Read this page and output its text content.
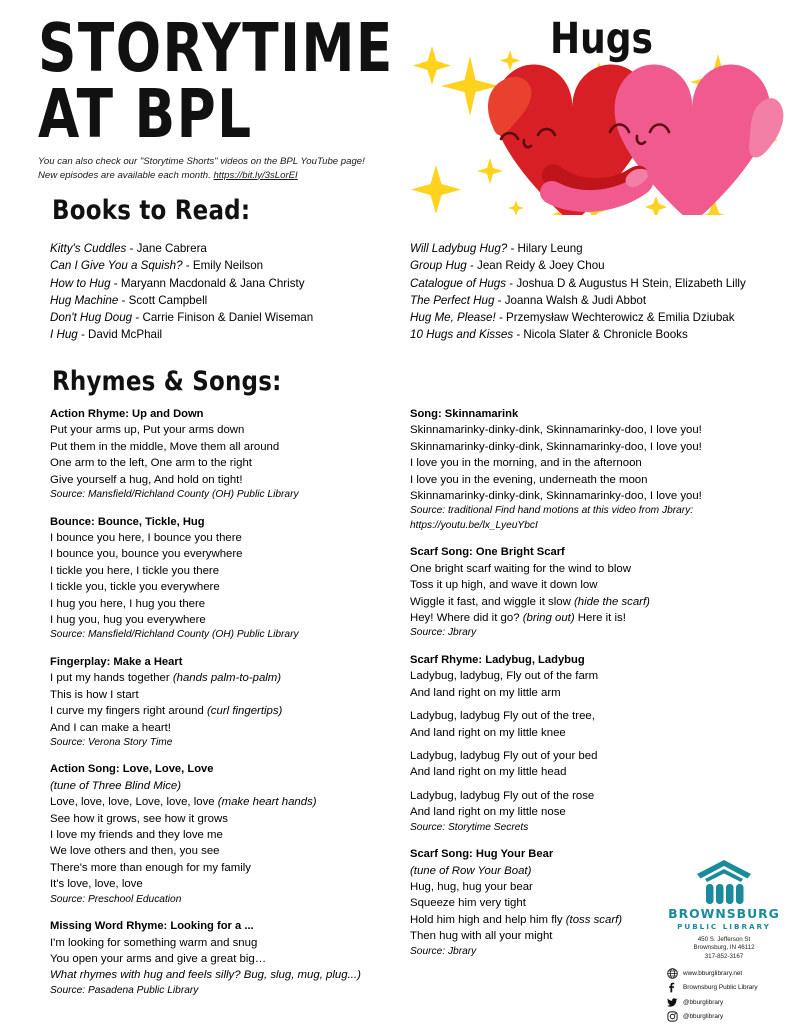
STORYTIME
AT BPL
You can also check our "Storytime Shorts" videos on the BPL YouTube page! New episodes are available each month. https://bit.ly/3sLorEI
Hugs
Books to Read:
Kitty's Cuddles - Jane Cabrera
Can I Give You a Squish? - Emily Neilson
How to Hug - Maryann Macdonald & Jana Christy
Hug Machine - Scott Campbell
Don't Hug Doug - Carrie Finison & Daniel Wiseman
I Hug - David McPhail
Will Ladybug Hug? - Hilary Leung
Group Hug - Jean Reidy & Joey Chou
Catalogue of Hugs - Joshua D & Augustus H Stein, Elizabeth Lilly
The Perfect Hug - Joanna Walsh & Judi Abbot
Hug Me, Please! - Przemysław Wechterowicz & Emilia Dziubak
10 Hugs and Kisses - Nicola Slater & Chronicle Books
Rhymes & Songs:
Action Rhyme: Up and Down
Put your arms up, Put your arms down
Put them in the middle, Move them all around
One arm to the left, One arm to the right
Give yourself a hug, And hold on tight!
Source: Mansfield/Richland County (OH) Public Library
Bounce: Bounce, Tickle, Hug
I bounce you here, I bounce you there
I bounce you, bounce you everywhere
I tickle you here, I tickle you there
I tickle you, tickle you everywhere
I hug you here, I hug you there
I hug you, hug you everywhere
Source: Mansfield/Richland County (OH) Public Library
Fingerplay: Make a Heart
I put my hands together (hands palm-to-palm)
This is how I start
I curve my fingers right around (curl fingertips)
And I can make a heart!
Source: Verona Story Time
Action Song: Love, Love, Love
(tune of Three Blind Mice)
Love, love, love, Love, love, love (make heart hands)
See how it grows, see how it grows
I love my friends and they love me
We love others and then, you see
There's more than enough for my family
It's love, love, love
Source: Preschool Education
Missing Word Rhyme: Looking for a ...
I'm looking for something warm and snug
You open your arms and give a great big…
What rhymes with hug and feels silly? Bug, slug, mug, plug...)
Source: Pasadena Public Library
Song: Skinnamarink
Skinnamarinky-dinky-dink, Skinnamarinky-doo, I love you!
Skinnamarinky-dinky-dink, Skinnamarinky-doo, I love you!
I love you in the morning, and in the afternoon
I love you in the evening, underneath the moon
Skinnamarinky-dinky-dink, Skinnamarinky-doo, I love you!
Source: traditional Find hand motions at this video from Jbrary:
https://youtu.be/lx_LyeuYbcI
Scarf Song: One Bright Scarf
One bright scarf waiting for the wind to blow
Toss it up high, and wave it down low
Wiggle it fast, and wiggle it slow (hide the scarf)
Hey! Where did it go? (bring out) Here it is!
Source: Jbrary
Scarf Rhyme: Ladybug, Ladybug
Ladybug, ladybug, Fly out of the farm
And land right on my little arm
Ladybug, ladybug Fly out of the tree,
And land right on my little knee
Ladybug, ladybug Fly out of your bed
And land right on my little head
Ladybug, ladybug Fly out of the rose
And land right on my little nose
Source: Storytime Secrets
Scarf Song: Hug Your Bear
(tune of Row Your Boat)
Hug, hug, hug your bear
Squeeze him very tight
Hold him high and help him fly (toss scarf)
Then hug with all your might
Source: Jbrary
BROWNSBURG
PUBLIC LIBRARY
450 S. Jefferson St
Brownsburg, IN 46112
317-852-3167
www.bburglibrary.net
Brownsburg Public Library
@bburglibrary
@bburglibrary
